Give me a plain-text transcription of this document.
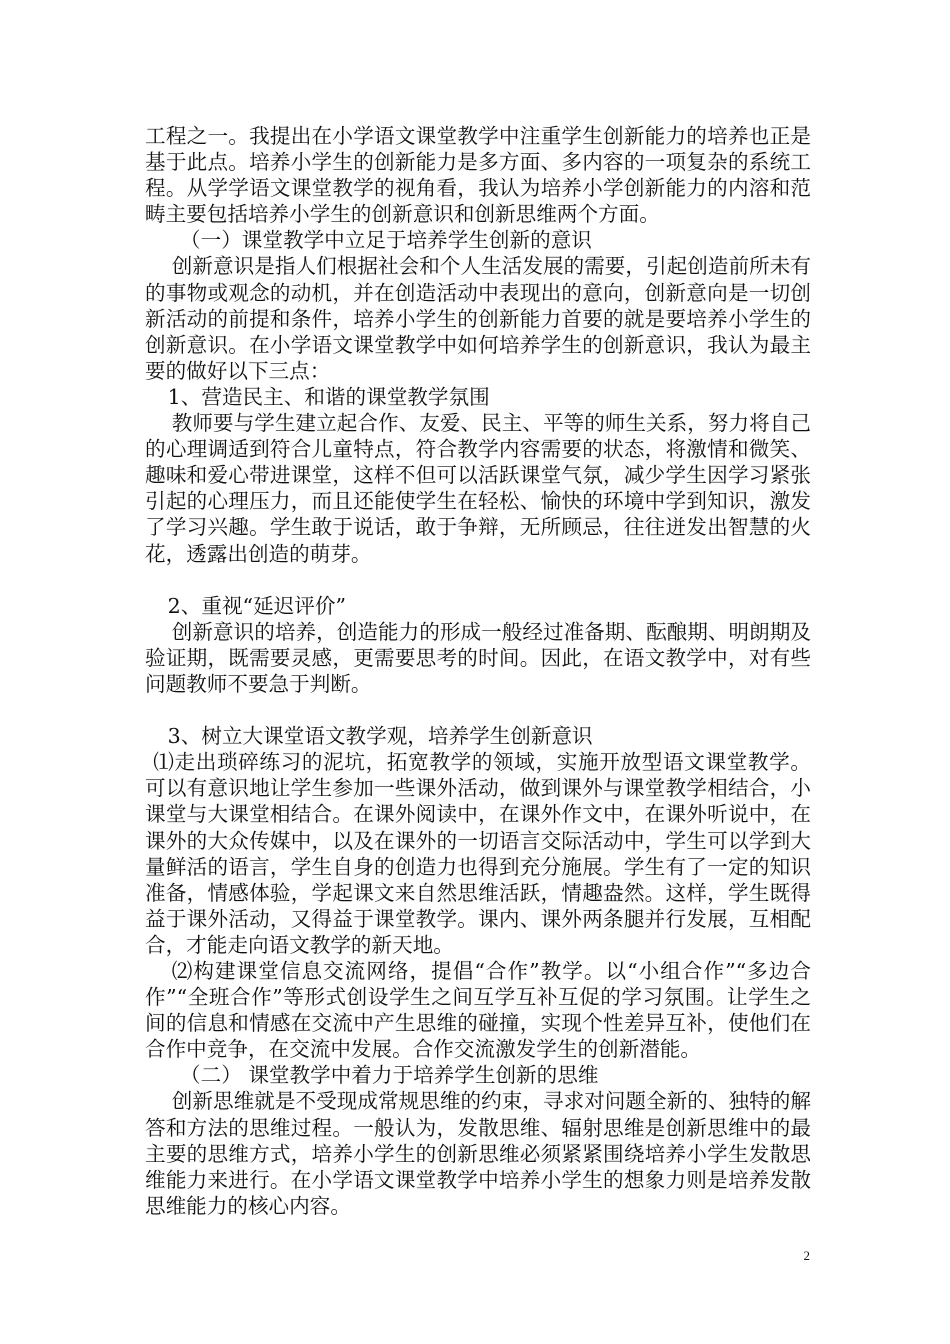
工程之一。我提出在小学语文课堂教学中注重学生创新能力的培养也正是基于此点。培养小学生的创新能力是多方面、多内容的一项复杂的系统工程。从学学语文课堂教学的视角看，我认为培养小学创新能力的内溶和范畴主要包括培养小学生的创新意识和创新思维两个方面。

（一）课堂教学中立足于培养学生创新的意识

创新意识是指人们根据社会和个人生活发展的需要，引起创造前所未有的事物或观念的动机，并在创造活动中表现出的意向，创新意向是一切创新活动的前提和条件，培养小学生的创新能力首要的就是要培养小学生的创新意识。在小学语文课堂教学中如何培养学生的创新意识，我认为最主要的做好以下三点：

1、营造民主、和谐的课堂教学氛围

教师要与学生建立起合作、友爱、民主、平等的师生关系，努力将自己的心理调适到符合儿童特点，符合教学内容需要的状态，将激情和微笑、趣味和爱心带进课堂，这样不但可以活跃课堂气氛，减少学生因学习紧张引起的心理压力，而且还能使学生在轻松、愉快的环境中学到知识，激发了学习兴趣。学生敢于说话，敢于争辩，无所顾忌，往往迸发出智慧的火花，透露出创造的萌芽。

2、重视“延迟评价”

创新意识的培养，创造能力的形成一般经过准备期、酝酿期、明朗期及验证期，既需要灵感，更需要思考的时间。因此，在语文教学中，对有些问题教师不要急于判断。

3、树立大课堂语文教学观，培养学生创新意识

⑴走出琐碎练习的泥坑，拓宽教学的领域，实施开放型语文课堂教学。可以有意识地让学生参加一些课外活动，做到课外与课堂教学相结合，小课堂与大课堂相结合。在课外阅读中，在课外作文中，在课外听说中，在课外的大众传媒中，以及在课外的一切语言交际活动中，学生可以学到大量鲜活的语言，学生自身的创造力也得到充分施展。学生有了一定的知识准备，情感体验，学起课文来自然思维活跃，情趣盎然。这样，学生既得益于课外活动，又得益于课堂教学。课内、课外两条腿并行发展，互相配合，才能走向语文教学的新天地。

⑵构建课堂信息交流网络，提倡“合作”教学。以“小组合作”“多边合作”“全班合作”等形式创设学生之间互学互补互促的学习氛围。让学生之间的信息和情感在交流中产生思维的碰撞，实现个性差异互补，使他们在合作中竞争，在交流中发展。合作交流激发学生的创新潜能。

（二） 课堂教学中着力于培养学生创新的思维

创新思维就是不受现成常规思维的约束，寻求对问题全新的、独特的解答和方法的思维过程。一般认为，发散思维、辐射思维是创新思维中的最主要的思维方式，培养小学生的创新思维必须紧紧围绕培养小学生发散思维能力来进行。在小学语文课堂教学中培养小学生的想象力则是培养发散思维能力的核心内容。

2
